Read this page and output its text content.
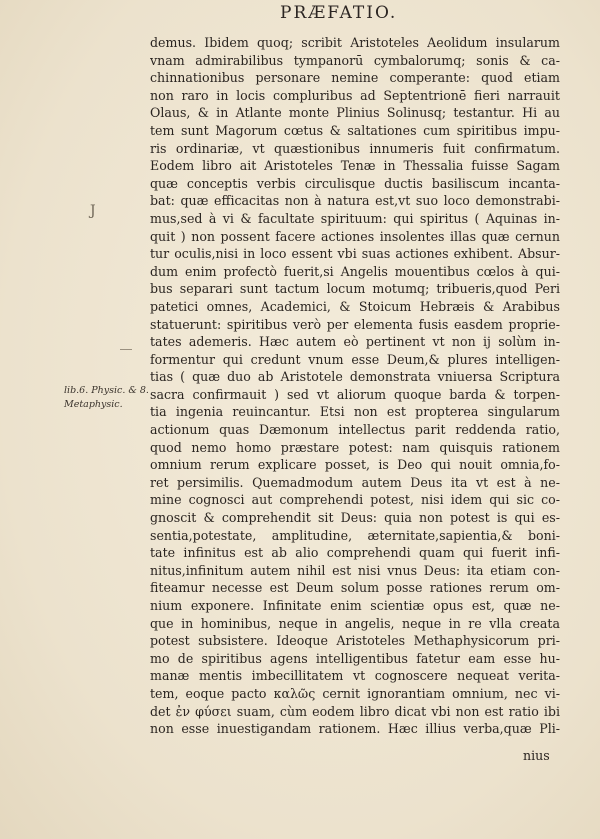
PRÆFATIO.
demus. Ibidem quoq; scribit Aristoteles Aeolidum insularum
vnam admirabilibus tympanorū cymbalorumq; sonis & ca-
chinnationibus personare nemine comperante: quod etiam
non raro in locis compluribus ad Septentrionē fieri narrauit
Olaus, & in Atlante monte Plinius Solinusq; testantur. Hi au
tem sunt Magorum cœtus & saltationes cum spiritibus impu-
ris ordinariæ, vt quæstionibus innumeris fuit confirmatum.
Eodem libro ait Aristoteles Tenæ in Thessalia fuisse Sagam
quæ conceptis verbis circulisque ductis basiliscum incanta-
bat: quæ efficacitas non à natura est,vt suo loco demonstrabi-
mus,sed à vi & facultate spirituum: qui spiritus ( Aquinas in-
quit ) non possent facere actiones insolentes illas quæ cernun
tur oculis,nisi in loco essent vbi suas actiones exhibent. Absur-
dum enim profectò fuerit,si Angelis mouentibus cœlos à qui-
bus separari sunt tactum locum motumq; tribueris,quod Peri
patetici omnes, Academici, & Stoicum Hebræis & Arabibus
statuerunt: spiritibus verò per elementa fusis easdem proprie-
tates ademeris. Hæc autem eò pertinent vt non ij solùm in-
formentur qui credunt vnum esse Deum,& plures intelligen-
tias ( quæ duo ab Aristotele demonstrata vniuersa Scriptura
sacra confirmauit ) sed vt aliorum quoque barda & torpen-
tia ingenia reuincantur. Etsi non est propterea singularum
actionum quas Dæmonum intellectus parit reddenda ratio,
quod nemo homo præstare potest: nam quisquis rationem
omnium rerum explicare posset, is Deo qui nouit omnia,fo-
ret persimilis. Quemadmodum autem Deus ita vt est à ne-
mine cognosci aut comprehendi potest, nisi idem qui sic co-
gnoscit & comprehendit sit Deus: quia non potest is qui es-
sentia,potestate, amplitudine, æternitate,sapientia,& boni-
tate infinitus est ab alio comprehendi quam qui fuerit infi-
nitus,infinitum autem nihil est nisi vnus Deus: ita etiam con-
fiteamur necesse est Deum solum posse rationes rerum om-
nium exponere. Infinitate enim scientiæ opus est, quæ ne-
que in hominibus, neque in angelis, neque in re vlla creata
potest subsistere. Ideoque Aristoteles Methaphysicorum pri-
mo de spiritibus agens intelligentibus fatetur eam esse hu-
manæ mentis imbecillitatem vt cognoscere nequeat verita-
tem, eoque pacto καλῶς cernit ignorantiam omnium, nec vi-
det ἐν φύσει suam, cùm eodem libro dicat vbi non est ratio ibi
non esse inuestigandam rationem. Hæc illius verba,quæ Pli-
nius
lib.6. Physic. & 8.
Metaphysic.
J
